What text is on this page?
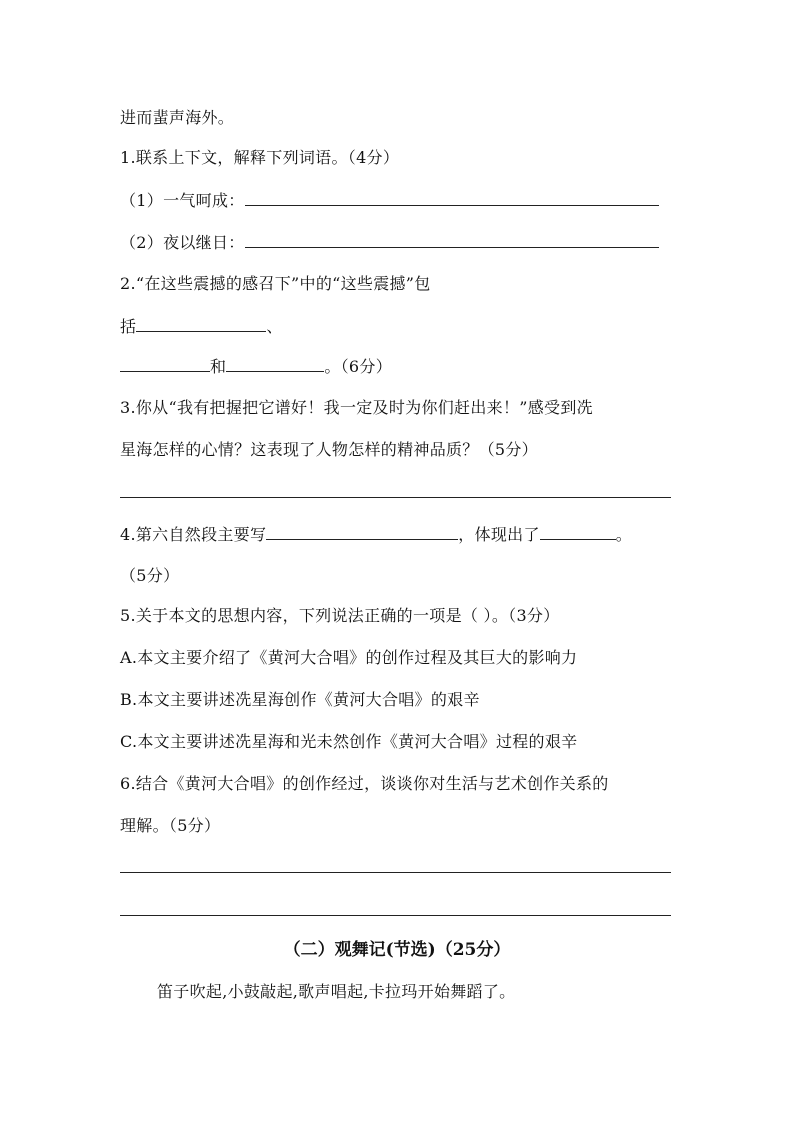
进而蜚声海外。
1.联系上下文，解释下列词语。（4分）
（1）一气呵成：
（2）夜以继日：
2.“在这些震撼的感召下”中的“这些震撼”包
括	、
和	。（6分）
3.你从“我有把握把它谱好！我一定及时为你们赶出来！”感受到冼
星海怎样的心情？这表现了人物怎样的精神品质？（5分）
4.第六自然段主要写	，体现出了	。
（5分）
5.关于本文的思想内容，下列说法正确的一项是（ ）。（3分）
A.本文主要介绍了《黄河大合唱》的创作过程及其巨大的影响力
B.本文主要讲述冼星海创作《黄河大合唱》的艰辛
C.本文主要讲述冼星海和光未然创作《黄河大合唱》过程的艰辛
6.结合《黄河大合唱》的创作经过，谈谈你对生活与艺术创作关系的
理解。（5分）
（二）观舞记(节选)（25分）
笛子吹起,小鼓敲起,歌声唱起,卡拉玛开始舞蹈了。
